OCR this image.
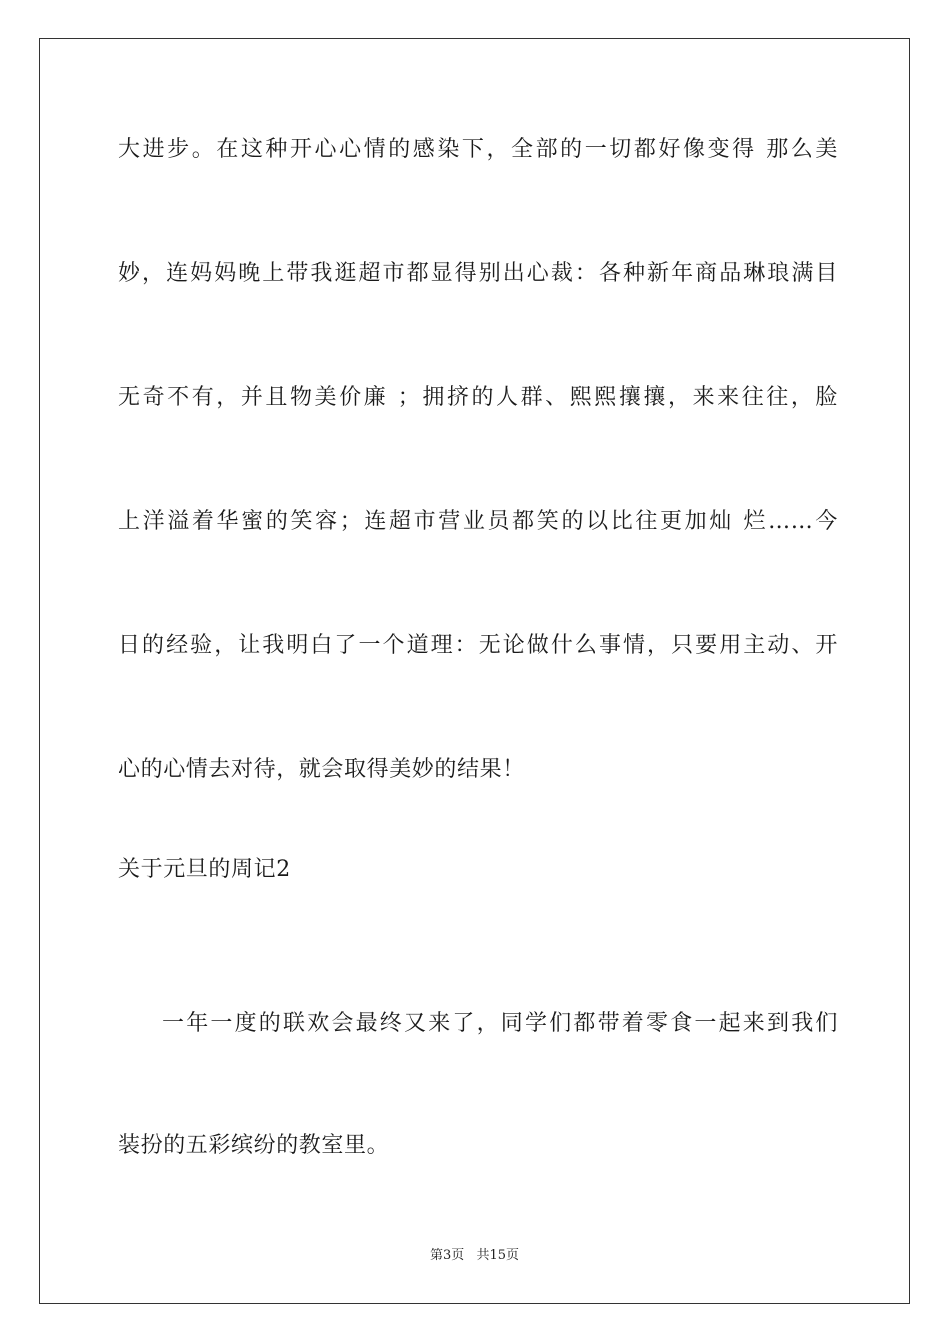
大进步。在这种开心心情的感染下，全部的一切都好像变得 那么美
妙，连妈妈晚上带我逛超市都显得别出心裁：各种新年商品琳琅满目
无奇不有，并且物美价廉 ；拥挤的人群、熙熙攘攘，来来往往，脸
上洋溢着华蜜的笑容；连超市营业员都笑的以比往更加灿 烂……今
日的经验，让我明白了一个道理：无论做什么事情，只要用主动、开
心的心情去对待，就会取得美妙的结果！
关于元旦的周记2
一年一度的联欢会最终又来了，同学们都带着零食一起来到我们
装扮的五彩缤纷的教室里。
第3页 共15页
